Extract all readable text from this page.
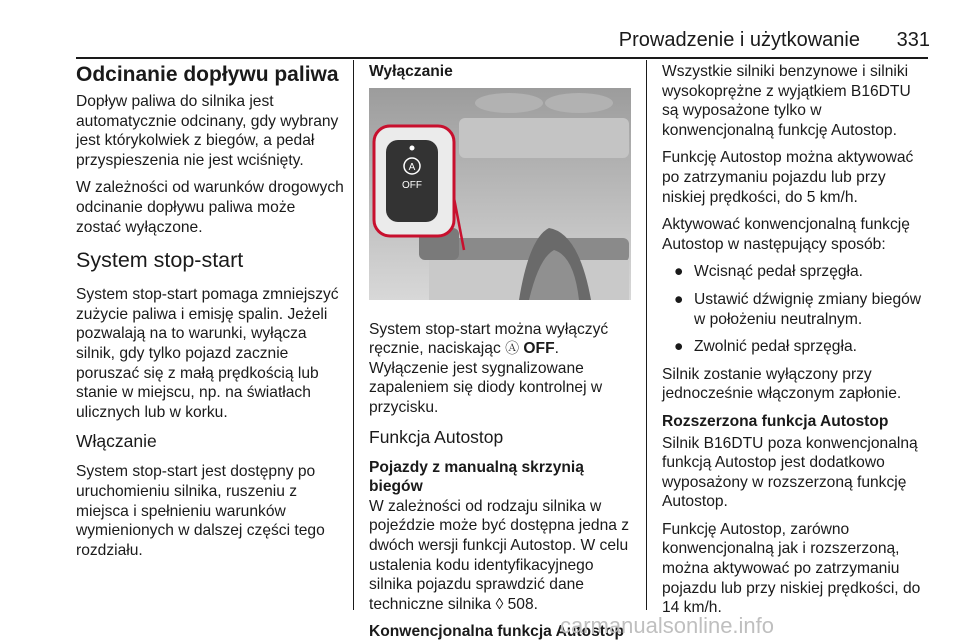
Prowadzenie i użytkowanie	331
Odcinanie dopływu paliwa

Dopływ paliwa do silnika jest automatycznie odcinany, gdy wybrany jest którykolwiek z biegów, a pedał przyspieszenia nie jest wciśnięty.

W zależności od warunków drogowych odcinanie dopływu paliwa może zostać wyłączone.

System stop-start

System stop-start pomaga zmniejszyć zużycie paliwa i emisję spalin. Jeżeli pozwalają na to warunki, wyłącza silnik, gdy tylko pojazd zacznie poruszać się z małą prędkością lub stanie w miejscu, np. na światłach ulicznych lub w korku.

Włączanie

System stop-start jest dostępny po uruchomieniu silnika, ruszeniu z miejsca i spełnieniu warunków wymienionych w dalszej części tego rozdziału.

Wyłączanie
A
OFF

System stop-start można wyłączyć ręcznie, naciskając Ⓐ OFF. Wyłączenie jest sygnalizowane zapaleniem się diody kontrolnej w przycisku.

Funkcja Autostop
Pojazdy z manualną skrzynią biegów

W zależności od rodzaju silnika w pojeździe może być dostępna jedna z dwóch wersji funkcji Autostop. W celu ustalenia kodu identyfikacyjnego silnika pojazdu sprawdzić dane techniczne silnika ◊ 508.

Konwencjonalna funkcja Autostop

Wszystkie silniki benzynowe i silniki wysokoprężne z wyjątkiem B16DTU są wyposażone tylko w konwencjonalną funkcję Autostop.

Funkcję Autostop można aktywować po zatrzymaniu pojazdu lub przy niskiej prędkości, do 5 km/h.

Aktywować konwencjonalną funkcję Autostop w następujący sposób:

● Wcisnąć pedał sprzęgła.
● Ustawić dźwignię zmiany biegów w położeniu neutralnym.
● Zwolnić pedał sprzęgła.

Silnik zostanie wyłączony przy jednocześnie włączonym zapłonie.

Rozszerzona funkcja Autostop

Silnik B16DTU poza konwencjonalną funkcją Autostop jest dodatkowo wyposażony w rozszerzoną funkcję Autostop.

Funkcję Autostop, zarówno konwencjonalną jak i rozszerzoną, można aktywować po zatrzymaniu pojazdu lub przy niskiej prędkości, do 14 km/h.

carmanualsonline.info
